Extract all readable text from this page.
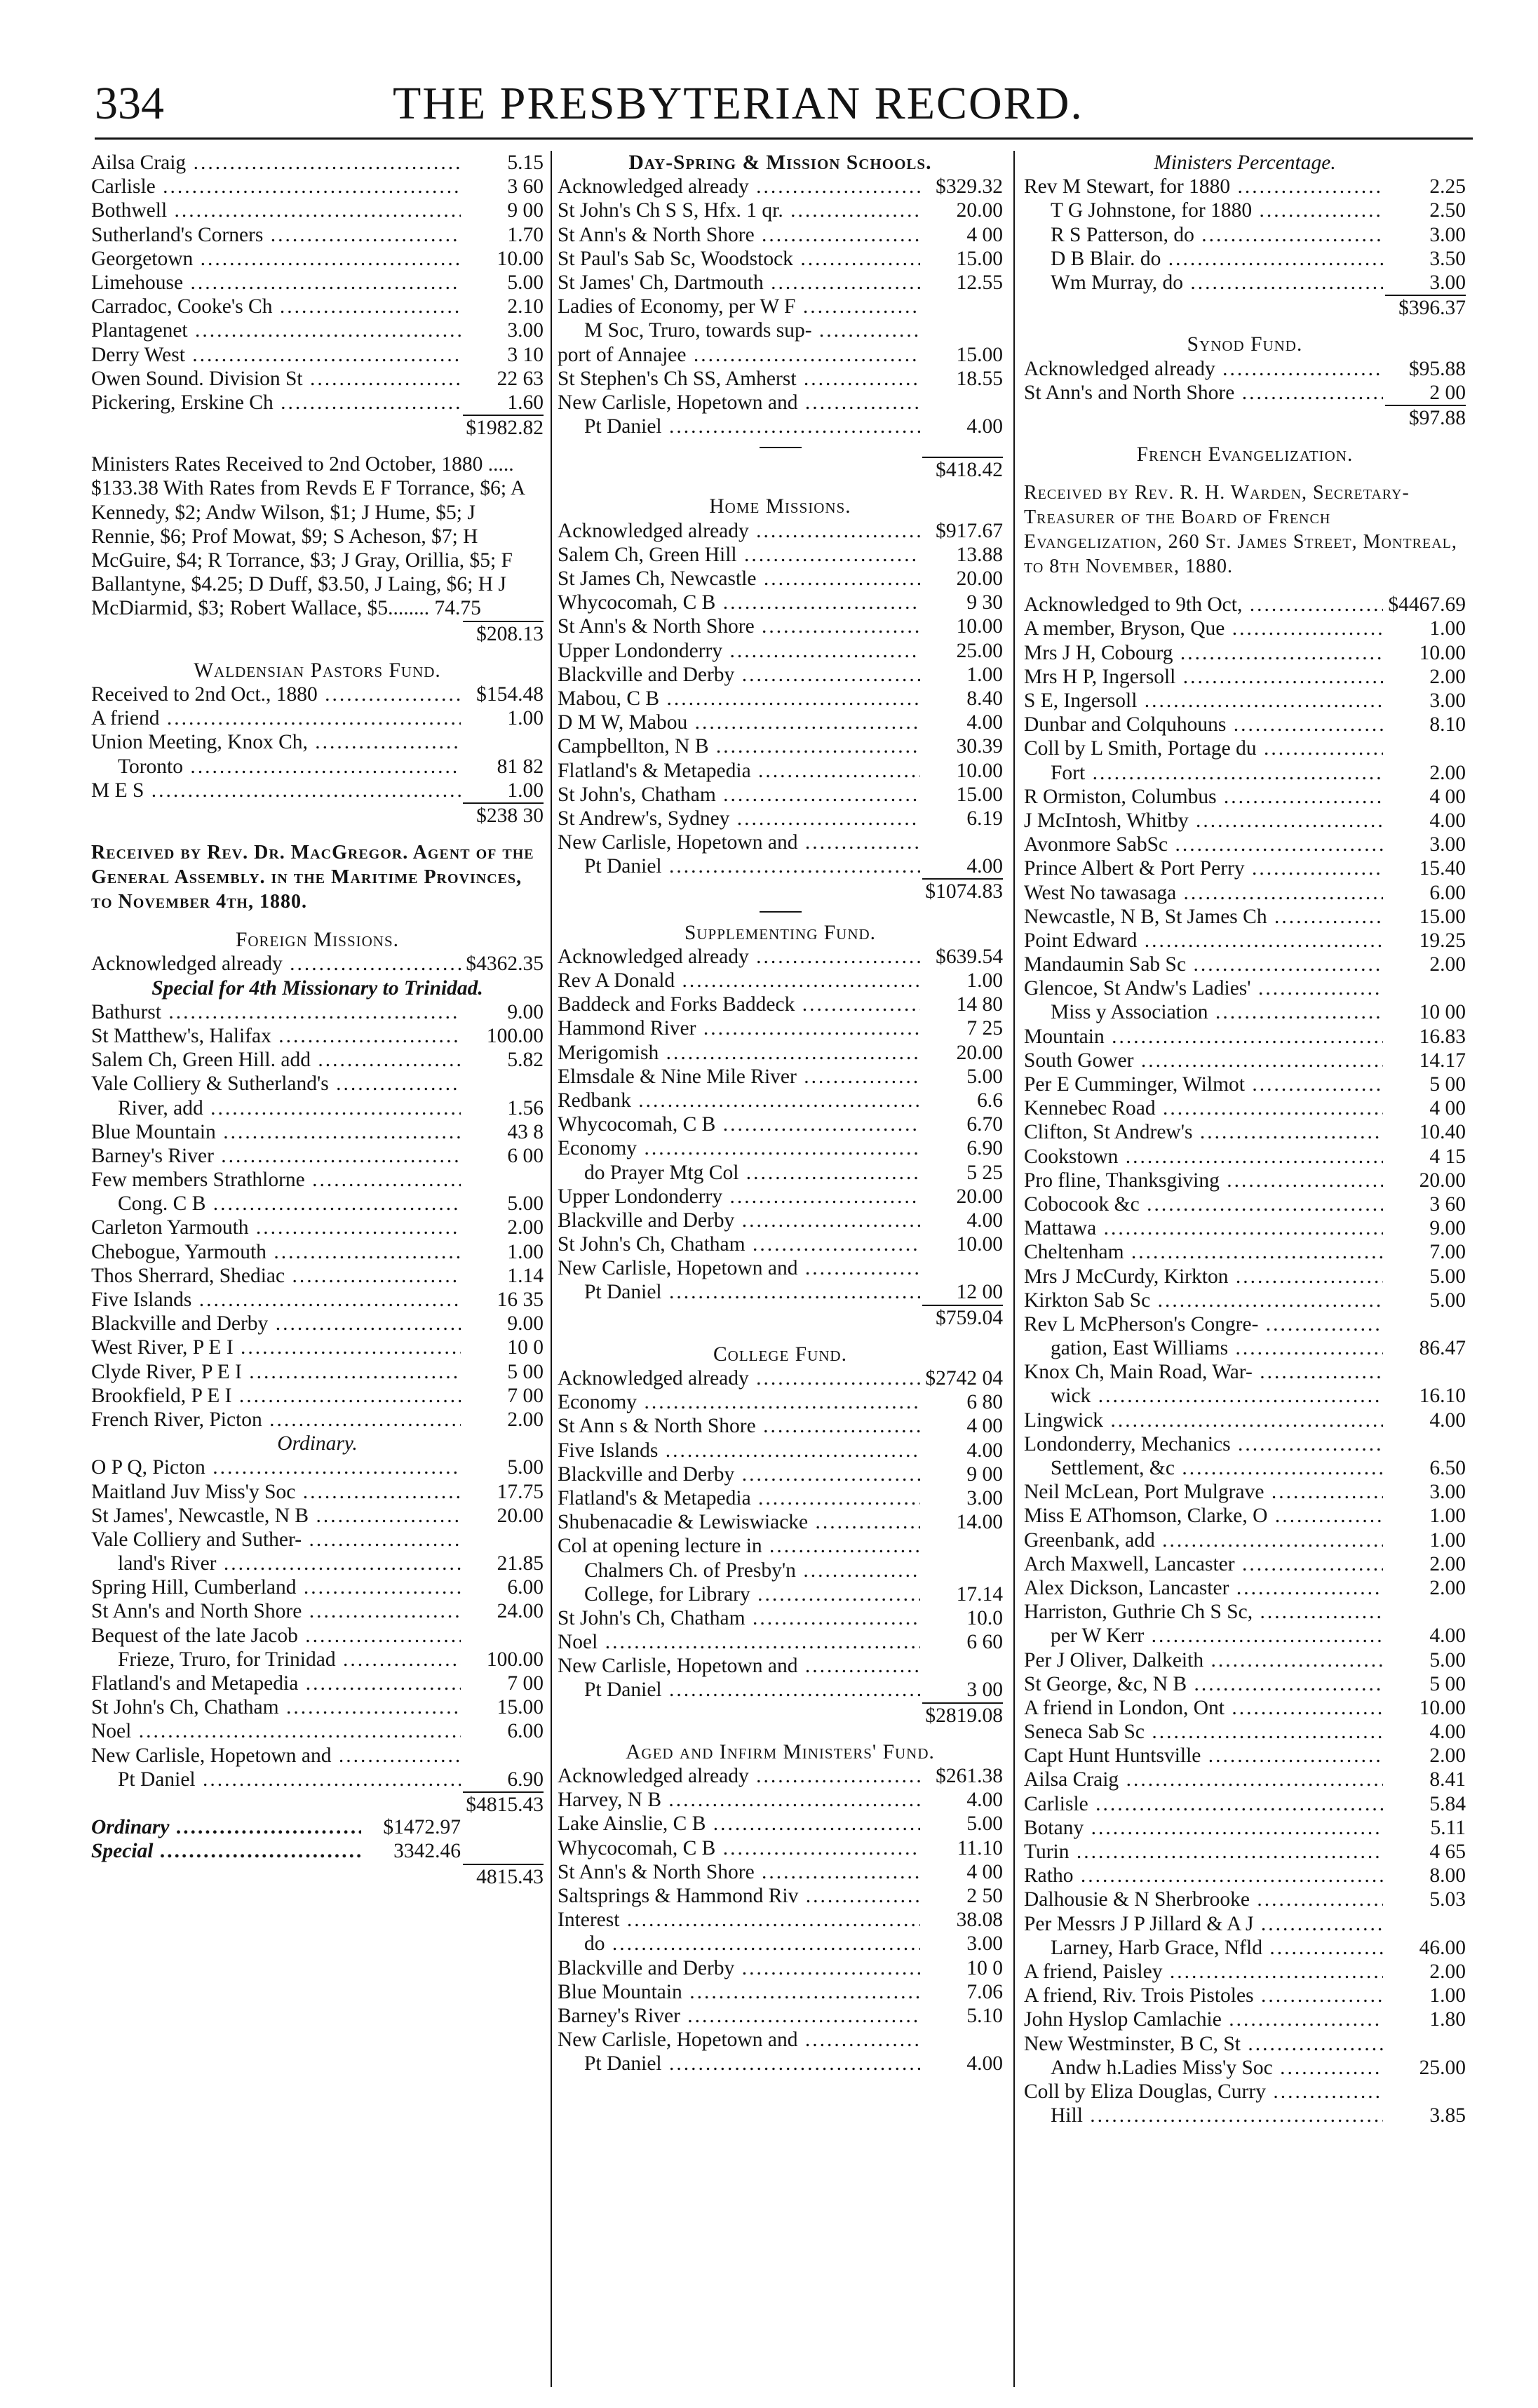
334	THE PRESBYTERIAN RECORD.
Ailsa Craig .....	5.15
Carlisle .....	3 60
Bothwell .....	9 00
Sutherland's Corners .....	1.70
Georgetown .....	10.00
Limehouse .....	5.00
Carradoc, Cooke's Ch .....	2.10
Plantagenet .....	3.00
Derry West .....	3 10
Owen Sound. Division St .....	22 63
Pickering, Erskine Ch .....	1.60
$1982.82
Ministers Rates Received to 2nd October, 1880 ..... $133.38 With Rates from Revds E F Torrance, $6; A Kennedy, $2; Andw Wilson, $1; J Hume, $5; J Rennie, $6; Prof Mowat, $9; S Acheson, $7; H McGuire, $4; R Torrance, $3; J Gray, Orillia, $5; F Ballantyne, $4.25; D Duff, $3.50, J Laing, $6; H J McDiarmid, $3; Robert Wallace, $5........ 74.75
$208.13
Waldensian Pastors Fund.
Received to 2nd Oct., 1880 .....	$154.48
A friend .....	1.00
Union Meeting, Knox Ch, .....
Toronto .....	81 82
M E S .....	1.00
$238 30
Received by Rev. Dr. MacGregor. Agent of the General Assembly. in the Maritime Provinces, to November 4th, 1880.
Foreign Missions.
Acknowledged already .....	$4362.35
Special for 4th Missionary to Trinidad.
Bathurst .....	9.00
St Matthew's, Halifax .....	100.00
Salem Ch, Green Hill. add .....	5.82
Vale Colliery & Sutherland's .....
River, add .....	1.56
Blue Mountain .....	43 8
Barney's River .....	6 00
Few members Strathlorne .....
Cong. C B .....	5.00
Carleton Yarmouth .....	2.00
Chebogue, Yarmouth .....	1.00
Thos Sherrard, Shediac .....	1.14
Five Islands .....	16 35
Blackville and Derby .....	9.00
West River, P E I .....	10 0
Clyde River, P E I .....	5 00
Brookfield, P E I .....	7 00
French River, Picton .....	2.00
Ordinary.
O P Q, Picton .....	5.00
Maitland Juv Miss'y Soc .....	17.75
St James', Newcastle, N B .....	20.00
Vale Colliery and Suther- .....
land's River .....	21.85
Spring Hill, Cumberland .....	6.00
St Ann's and North Shore .....	24.00
Bequest of the late Jacob .....
Frieze, Truro, for Trinidad .....	100.00
Flatland's and Metapedia .....	7 00
St John's Ch, Chatham .....	15.00
Noel .....	6.00
New Carlisle, Hopetown and .....
Pt Daniel .....	6.90
$4815.43
Ordinary .....	$1472.97
Special .....	3342.46
4815.43
Day-Spring & Mission Schools.
Acknowledged already .....	$329.32
St John's Ch S S, Hfx. 1 qr. .....	20.00
St Ann's & North Shore .....	4 00
St Paul's Sab Sc, Woodstock .....	15.00
St James' Ch, Dartmouth .....	12.55
Ladies of Economy, per W F .....
M Soc, Truro, towards sup- .....
port of Annajee .....	15.00
St Stephen's Ch SS, Amherst .....	18.55
New Carlisle, Hopetown and .....
Pt Daniel .....	4.00
$418.42
Home Missions.
Acknowledged already .....	$917.67
Salem Ch, Green Hill .....	13.88
St James Ch, Newcastle .....	20.00
Whycocomah, C B .....	9 30
St Ann's & North Shore .....	10.00
Upper Londonderry .....	25.00
Blackville and Derby .....	1.00
Mabou, C B .....	8.40
D M W, Mabou .....	4.00
Campbellton, N B .....	30.39
Flatland's & Metapedia .....	10.00
St John's, Chatham .....	15.00
St Andrew's, Sydney .....	6.19
New Carlisle, Hopetown and .....
Pt Daniel .....	4.00
$1074.83
Supplementing Fund.
Acknowledged already .....	$639.54
Rev A Donald .....	1.00
Baddeck and Forks Baddeck .....	14 80
Hammond River .....	7 25
Merigomish .....	20.00
Elmsdale & Nine Mile River .....	5.00
Redbank .....	6.6
Whycocomah, C B .....	6.70
Economy .....	6.90
do Prayer Mtg Col .....	5 25
Upper Londonderry .....	20.00
Blackville and Derby .....	4.00
St John's Ch, Chatham .....	10.00
New Carlisle, Hopetown and .....
Pt Daniel .....	12 00
$759.04
College Fund.
Acknowledged already .....	$2742 04
Economy .....	6 80
St Ann s & North Shore .....	4 00
Five Islands .....	4.00
Blackville and Derby .....	9 00
Flatland's & Metapedia .....	3.00
Shubenacadie & Lewiswiacke .....	14.00
Col at opening lecture in .....
Chalmers Ch. of Presby'n .....
College, for Library .....	17.14
St John's Ch, Chatham .....	10.0
Noel .....	6 60
New Carlisle, Hopetown and .....
Pt Daniel .....	3 00
$2819.08
Aged and Infirm Ministers' Fund.
Acknowledged already .....	$261.38
Harvey, N B .....	4.00
Lake Ainslie, C B .....	5.00
Whycocomah, C B .....	11.10
St Ann's & North Shore .....	4 00
Saltsprings & Hammond Riv .....	2 50
Interest .....	38.08
do .....	3.00
Blackville and Derby .....	10 0
Blue Mountain .....	7.06
Barney's River .....	5.10
New Carlisle, Hopetown and .....
Pt Daniel .....	4.00
Ministers Percentage.
Rev M Stewart, for 1880 .....	2.25
T G Johnstone, for 1880 .....	2.50
R S Patterson, do .....	3.00
D B Blair. do .....	3.50
Wm Murray, do .....	3.00
$396.37
Synod Fund.
Acknowledged already .....	$95.88
St Ann's and North Shore .....	2 00
$97.88
French Evangelization.
Received by Rev. R. H. Warden, Secretary-Treasurer of the Board of French Evangelization, 260 St. James Street, Montreal, to 8th November, 1880.
Acknowledged to 9th Oct, .....	$4467.69
A member, Bryson, Que .....	1.00
Mrs J H, Cobourg .....	10.00
Mrs H P, Ingersoll .....	2.00
S E, Ingersoll .....	3.00
Dunbar and Colquhouns .....	8.10
Coll by L Smith, Portage du .....
Fort .....	2.00
R Ormiston, Columbus .....	4 00
J McIntosh, Whitby .....	4.00
Avonmore SabSc .....	3.00
Prince Albert & Port Perry .....	15.40
West No tawasaga .....	6.00
Newcastle, N B, St James Ch .....	15.00
Point Edward .....	19.25
Mandaumin Sab Sc .....	2.00
Glencoe, St Andw's Ladies' .....
Miss y Association .....	10 00
Mountain .....	16.83
South Gower .....	14.17
Per E Cumminger, Wilmot .....	5 00
Kennebec Road .....	4 00
Clifton, St Andrew's .....	10.40
Cookstown .....	4 15
Pro fline, Thanksgiving .....	20.00
Cobocook &c .....	3 60
Mattawa .....	9.00
Cheltenham .....	7.00
Mrs J McCurdy, Kirkton .....	5.00
Kirkton Sab Sc .....	5.00
Rev L McPherson's Congre- .....
gation, East Williams .....	86.47
Knox Ch, Main Road, War- .....
wick .....	16.10
Lingwick .....	4.00
Londonderry, Mechanics .....
Settlement, &c .....	6.50
Neil McLean, Port Mulgrave .....	3.00
Miss E AThomson, Clarke, O .....	1.00
Greenbank, add .....	1.00
Arch Maxwell, Lancaster .....	2.00
Alex Dickson, Lancaster .....	2.00
Harriston, Guthrie Ch S Sc, .....
per W Kerr .....	4.00
Per J Oliver, Dalkeith .....	5.00
St George, &c, N B .....	5 00
A friend in London, Ont .....	10.00
Seneca Sab Sc .....	4.00
Capt Hunt Huntsville .....	2.00
Ailsa Craig .....	8.41
Carlisle .....	5.84
Botany .....	5.11
Turin .....	4 65
Ratho .....	8.00
Dalhousie & N Sherbrooke .....	5.03
Per Messrs J P Jillard & A J .....
Larney, Harb Grace, Nfld .....	46.00
A friend, Paisley .....	2.00
A friend, Riv. Trois Pistoles .....	1.00
John Hyslop Camlachie .....	1.80
New Westminster, B C, St .....
Andw h.Ladies Miss'y Soc .....	25.00
Coll by Eliza Douglas, Curry .....
Hill .....	3.85
